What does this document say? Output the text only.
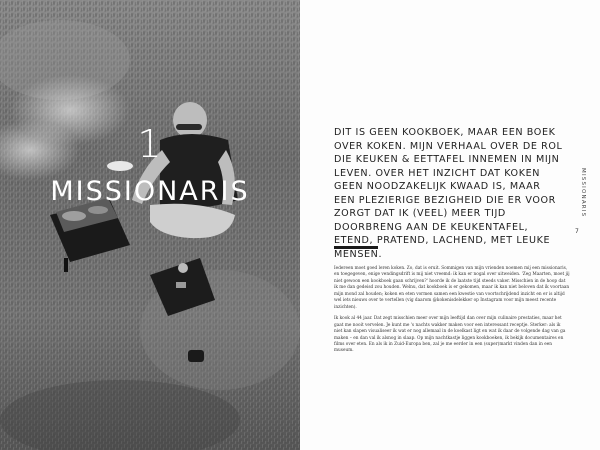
1
MISSIONARIS	MISSIONARIS
7

DIT IS GEEN KOOKBOEK, MAAR EEN BOEK OVER KOKEN. MIJN VERHAAL OVER DE ROL DIE KEUKEN & EETTAFEL INNEMEN IN MIJN LEVEN. OVER HET INZICHT DAT KOKEN GEEN NOODZAKELIJK KWAAD IS, MAAR EEN PLEZIERIGE BEZIGHEID DIE ER VOOR ZORGT DAT IK (VEEL) MEER TIJD DOORBRENG AAN DE KEUKENTAFEL, ETEND, PRATEND, LACHEND, MET LEUKE MENSEN.

Iedereen moet goed leren koken. Zo, dat is eruit. Sommigen van mijn vrienden noemen mij een missionaris, en toegegeven, enige vendingsdrift is mij niet vreemd: ik kan er nogal over uitweiden. 'Zeg Maarten, moet jij niet gewoon een kookboek gaan schrijven?' hoorde ik de laatste tijd steeds vaker. Misschien in de hoop dat ik me dan gedeisd zou houden. Welnu, dat kookboek is er gekomen, maar ik kan niet beloven dat ik voortaan mijn mond zal houden; koken en eten vormen samen een kwestie van voortschrijdend inzicht en er is altijd wel iets nieuws over te vertellen (vig daarom @kokenisdelekker op Instagram voor mijn meest recente inzichten).

Ik kook al 44 jaar. Dat zegt misschien meer over mijn leeftijd dan over mijn culinaire prestaties, maar het gaat me nooit vervelen. Je kunt me 's nachts wakker maken voor een interessant receptje. Sterker: als ik niet kan slapen visualiseer ik wat er nog allemaal in de koelkast ligt en wat ik daar de volgende dag van ga maken – en dan val ik alsnog in slaap. Op mijn nachtkastje liggen kookboeken, ik bekijk documentaires en films over eten. En als ik in Zuid-Europa ben, zal je me eerder in een (super)markt vinden dan in een museum.
